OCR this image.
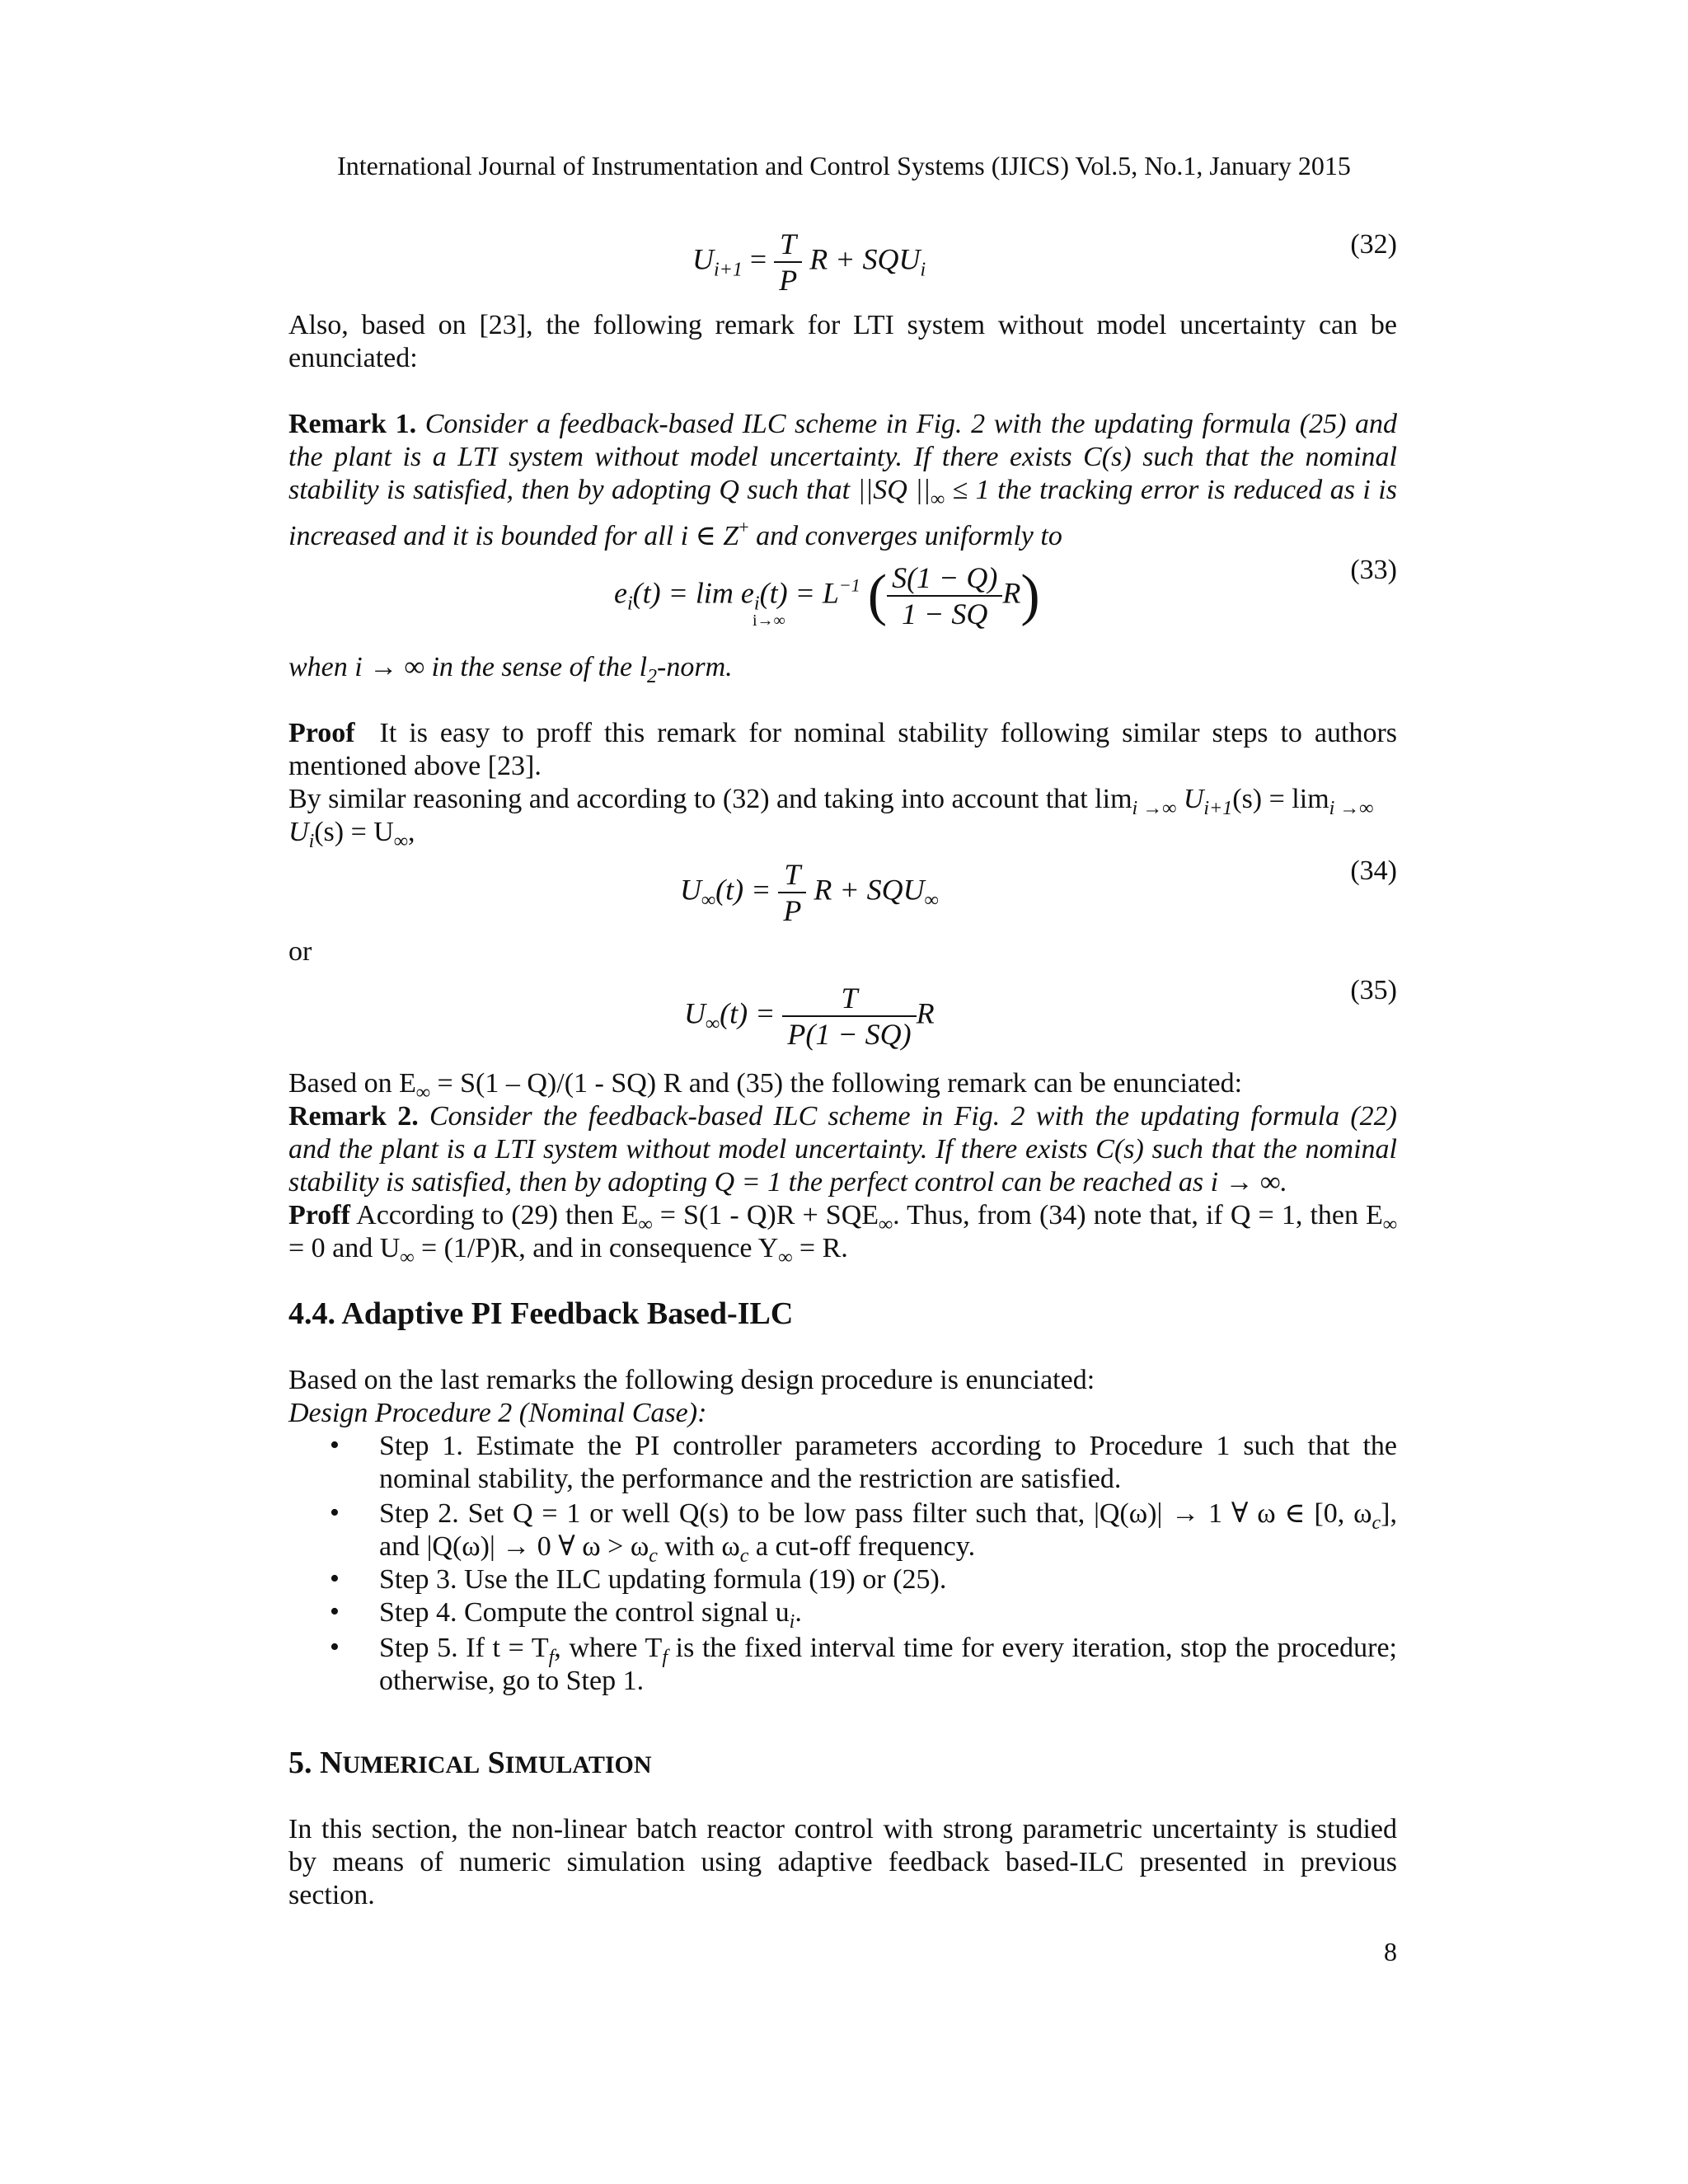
International Journal of Instrumentation and Control Systems (IJICS) Vol.5, No.1, January 2015
$U_{i+1} = \frac{T}{P}$ $R + SQU_i$
(32)
Also, based on [23], the following remark for LTI system without model uncertainty can be
enunciated:
Remark 1. Consider a feedback-based ILC scheme in Fig. 2 with the updating formula (25) and
the plant is a LTI system without model uncertainty. If there exists C(s) such that the nominal
stability is satisfied, then by adopting Q such that ||SQ $||_\infty \le 1$ the tracking error is reduced as i is
increased and it is bounded for all i ∈ Z+ and converges uniformly to
$e_i(t) = \lim e_i(t) = L^{-1}$ ( $\frac{S(1 - Q)}{1 - SQ} R$)
i→∞
(33)
when i → ∞ in the sense of the $l_2$-norm.
Proof It is easy to proff this remark for nominal stability following similar steps to authors
mentioned above [23].
By similar reasoning and according to (32) and taking into account that $\lim_{i \to\infty} U_{i+1}(s) = \lim_{i \to\infty}$
$U_i(s) = U_\infty$,
$U_\infty(t) = \frac{T}{P}$ $R + SQU_\infty$
(34)
or
$U_\infty(t) = \frac{T}{P(1 - SQ)}$ R
(35)
Based on $E_\infty = S(1 - Q)/(1 - SQ)$ R and (35) the following remark can be enunciated:
Remark 2. Consider the feedback-based ILC scheme in Fig. 2 with the updating formula (22)
and the plant is a LTI system without model uncertainty. If there exists C(s) such that the nominal
stability is satisfied, then by adopting Q = 1 the perfect control can be reached as i → ∞.
Proff According to (29) then $E_\infty = S(1 - Q)R + SQE_\infty$. Thus, from (34) note that, if Q = 1, then $E_\infty$
= 0 and $U_\infty = (1/P)R$, and in consequence $Y_\infty = R$.
4.4. Adaptive PI Feedback Based-ILC
Based on the last remarks the following design procedure is enunciated:
Design Procedure 2 (Nominal Case):
• Step 1. Estimate the PI controller parameters according to Procedure 1 such that the
nominal stability, the performance and the restriction are satisfied.
• Step 2. Set Q = 1 or well Q(s) to be low pass filter such that, |Q(ω)| → 1 ∀ ω ∈ [0, $\omega_c$],
and |Q(ω)| → 0 ∀ $\omega > \omega_c$ with $\omega_c$ a cut-off frequency.
• Step 3. Use the ILC updating formula (19) or (25).
• Step 4. Compute the control signal $u_i$.
• Step 5. If $t = T_f$, where $T_f$ is the fixed interval time for every iteration, stop the procedure;
otherwise, go to Step 1.
5. NUMERICAL SIMULATION
In this section, the non-linear batch reactor control with strong parametric uncertainty is studied
by means of numeric simulation using adaptive feedback based-ILC presented in previous
section.
8
